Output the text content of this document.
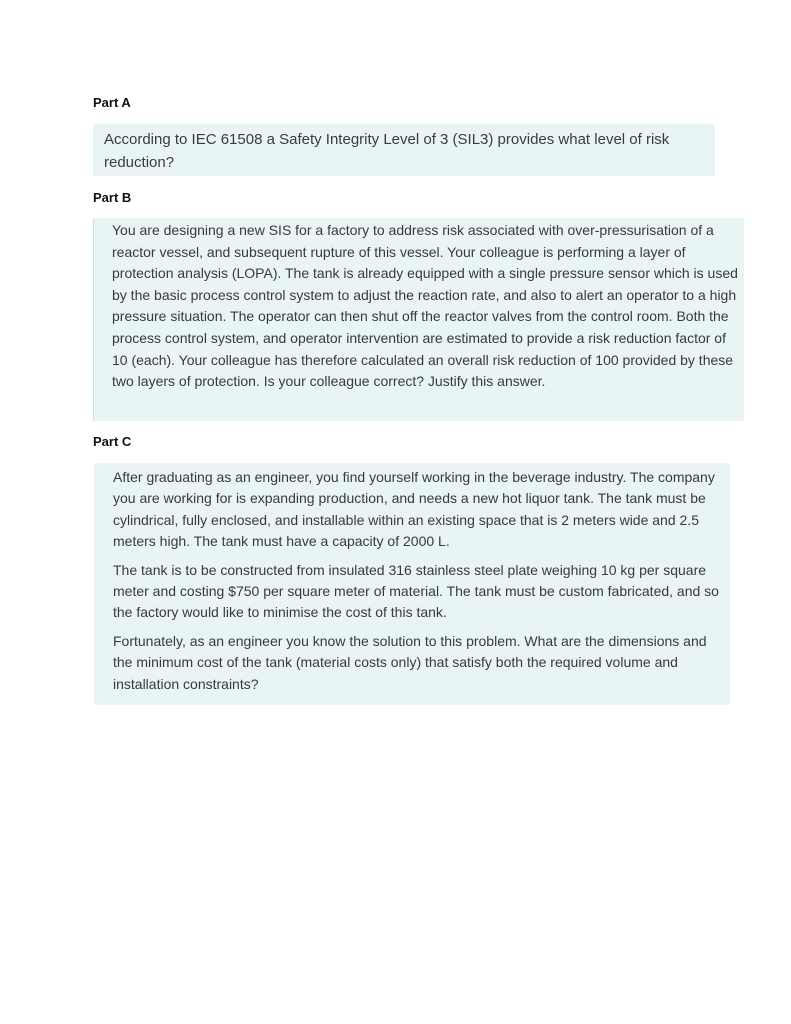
Part A

According to IEC 61508 a Safety Integrity Level of 3 (SIL3) provides what level of risk reduction?

Part B

You are designing a new SIS for a factory to address risk associated with over-pressurisation of a reactor vessel, and subsequent rupture of this vessel. Your colleague is performing a layer of protection analysis (LOPA). The tank is already equipped with a single pressure sensor which is used by the basic process control system to adjust the reaction rate, and also to alert an operator to a high pressure situation. The operator can then shut off the reactor valves from the control room. Both the process control system, and operator intervention are estimated to provide a risk reduction factor of 10 (each). Your colleague has therefore calculated an overall risk reduction of 100 provided by these two layers of protection. Is your colleague correct? Justify this answer.

Part C

After graduating as an engineer, you find yourself working in the beverage industry. The company you are working for is expanding production, and needs a new hot liquor tank. The tank must be cylindrical, fully enclosed, and installable within an existing space that is 2 meters wide and 2.5 meters high. The tank must have a capacity of 2000 L.

The tank is to be constructed from insulated 316 stainless steel plate weighing 10 kg per square meter and costing $750 per square meter of material. The tank must be custom fabricated, and so the factory would like to minimise the cost of this tank.

Fortunately, as an engineer you know the solution to this problem. What are the dimensions and the minimum cost of the tank (material costs only) that satisfy both the required volume and installation constraints?
